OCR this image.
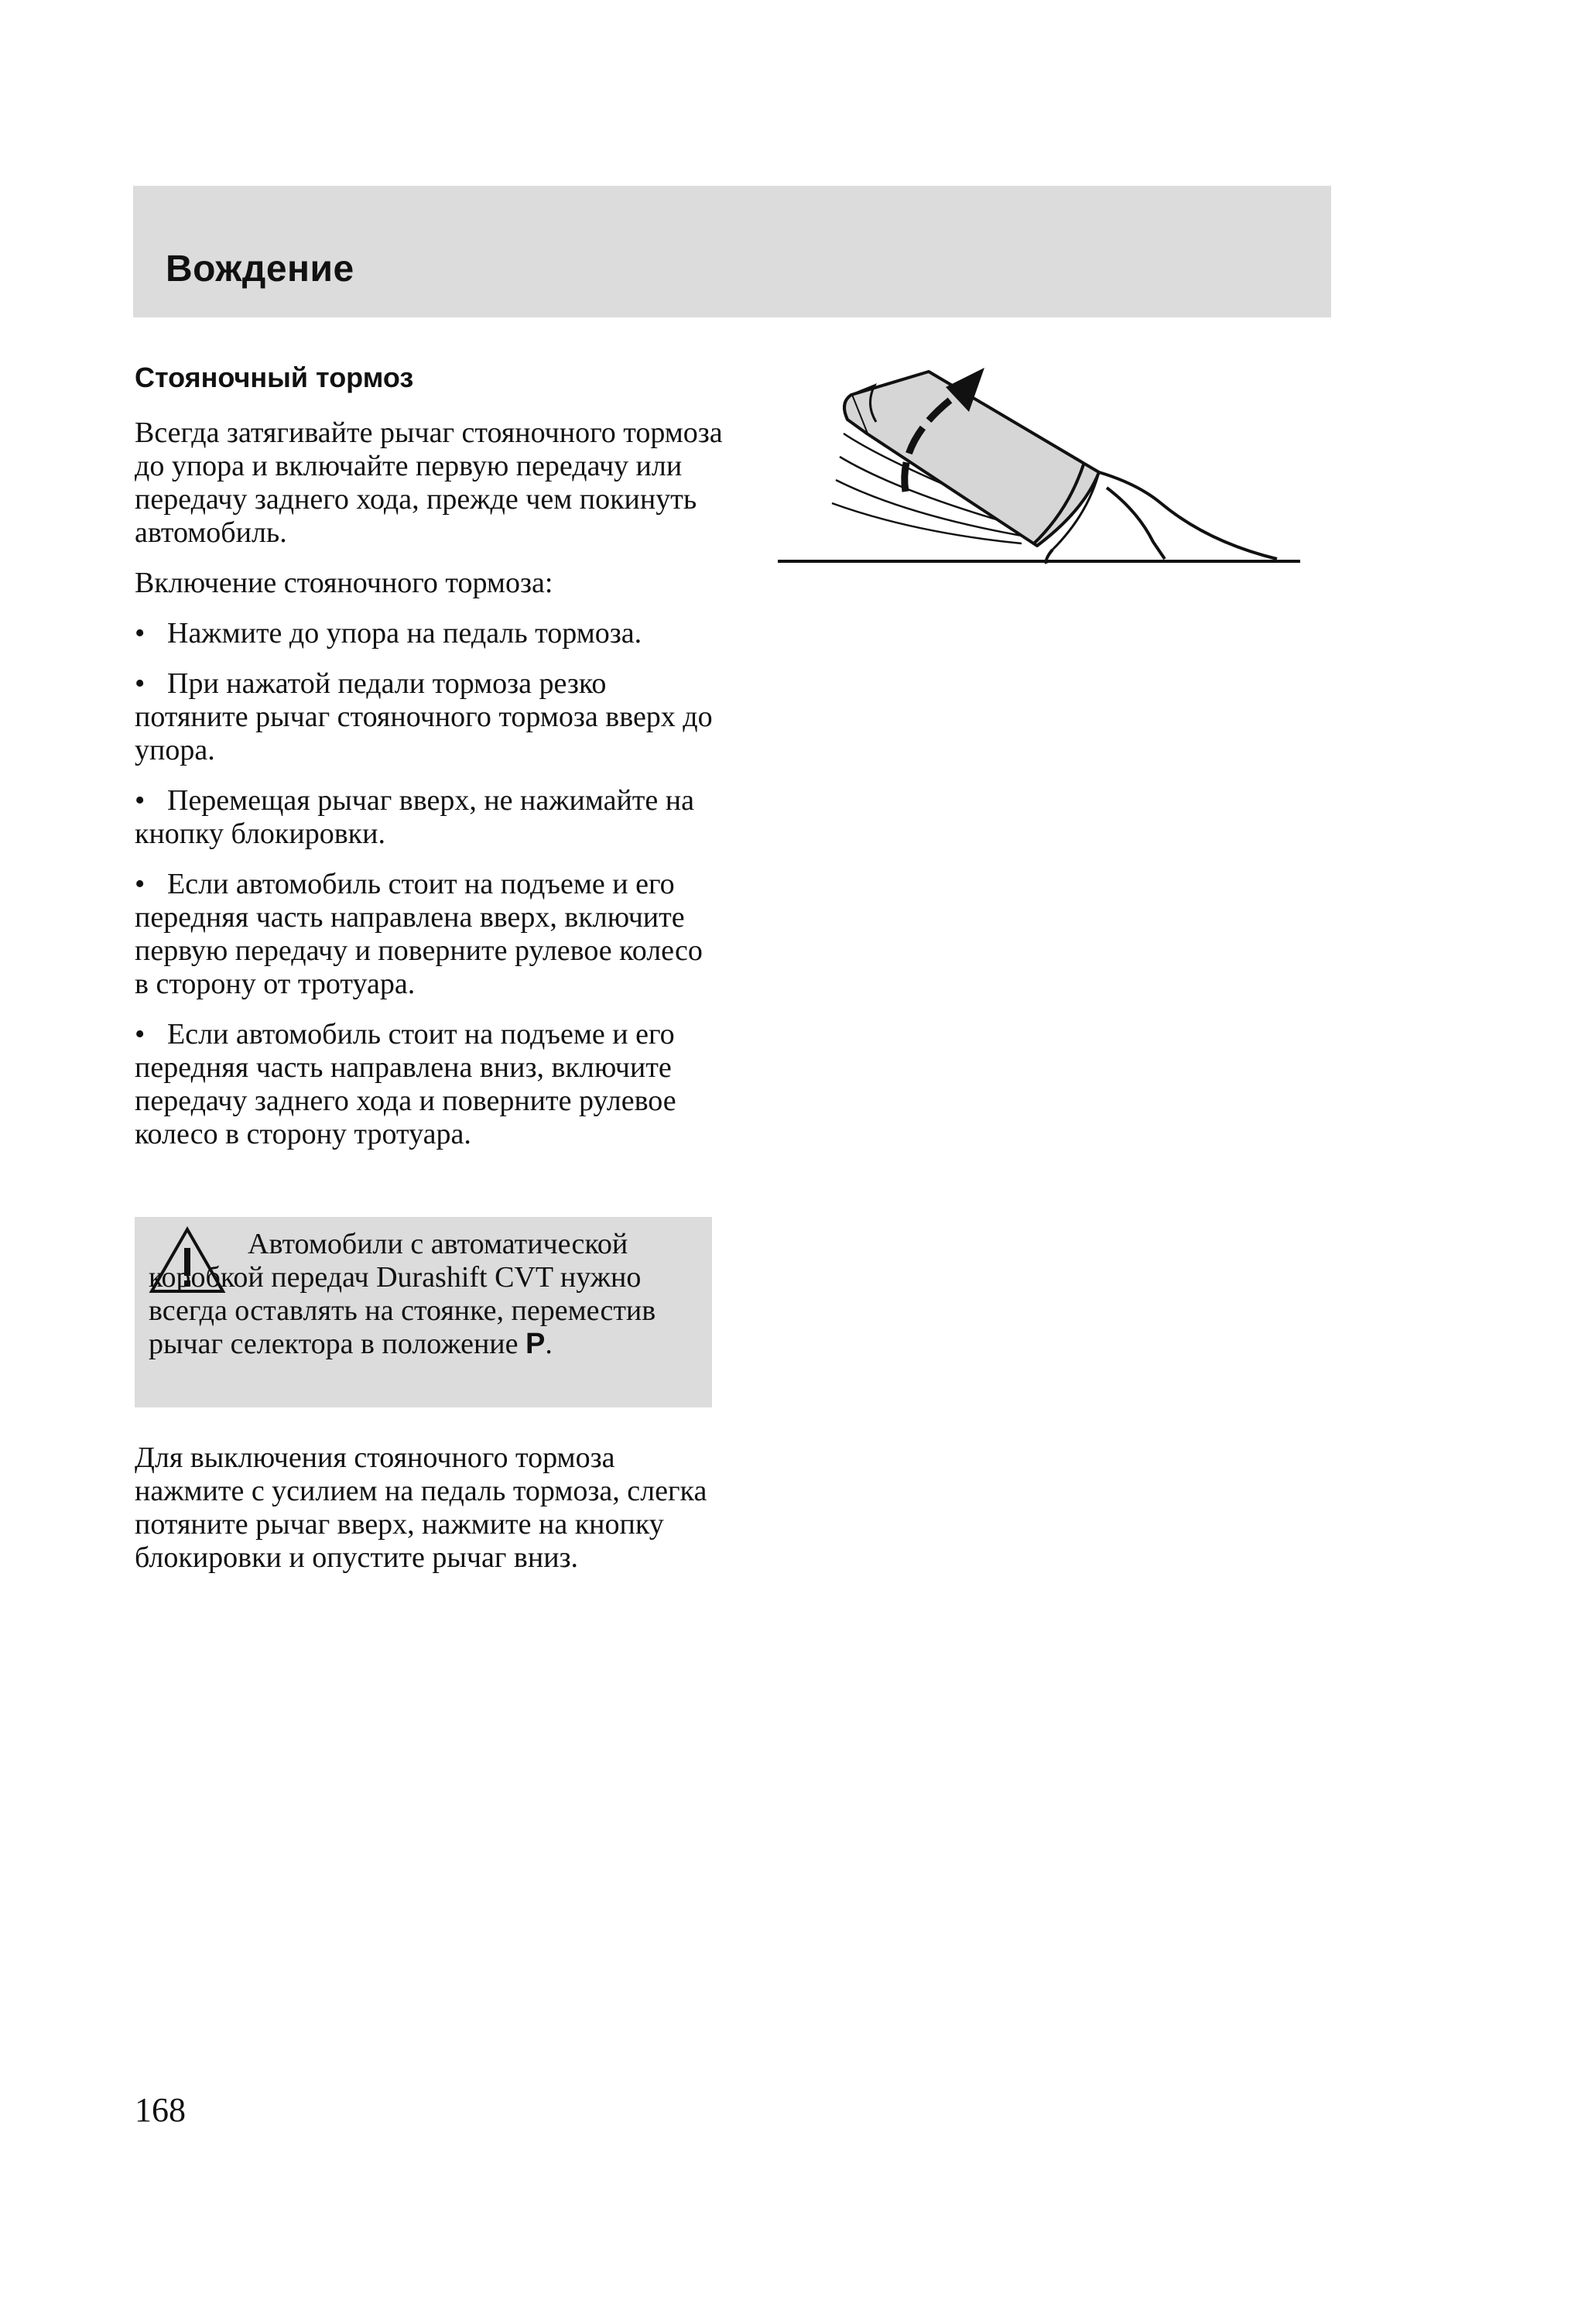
Вождение
Стояночный тормоз

Всегда затягивайте рычаг стояночного тормоза до упора и включайте первую передачу или передачу заднего хода, прежде чем покинуть автомобиль.

Включение стояночного тормоза:

• Нажмите до упора на педаль тормоза.

• При нажатой педали тормоза резко потяните рычаг стояночного тормоза вверх до упора.

• Перемещая рычаг вверх, не нажимайте на кнопку блокировки.

• Если автомобиль стоит на подъеме и его передняя часть направлена вверх, включите первую передачу и поверните рулевое колесо в сторону от тротуара.

• Если автомобиль стоит на подъеме и его передняя часть направлена вниз, включите передачу заднего хода и поверните рулевое колесо в сторону тротуара.

Автомобили с автоматической коробкой передач Durashift CVT нужно всегда оставлять на стоянке, переместив рычаг селектора в положение P.

Для выключения стояночного тормоза нажмите с усилием на педаль тормоза, слегка потяните рычаг вверх, нажмите на кнопку блокировки и опустите рычаг вниз.

168
